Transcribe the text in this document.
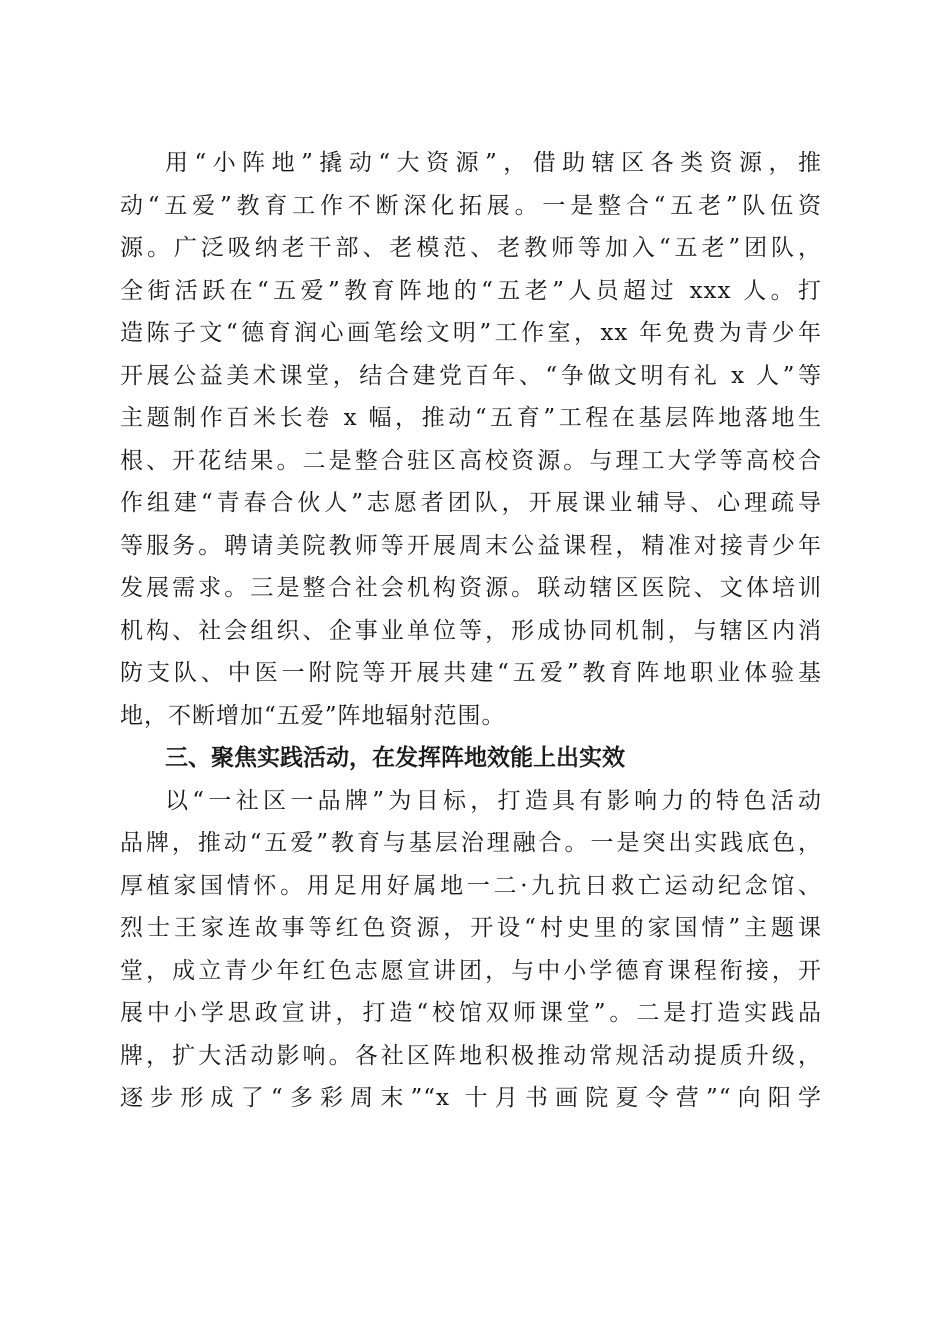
用“小阵地”撬动“大资源”，借助辖区各类资源，推
动“五爱”教育工作不断深化拓展。一是整合“五老”队伍资
源。广泛吸纳老干部、老模范、老教师等加入“五老”团队，
全街活跃在“五爱”教育阵地的“五老”人员超过 xxx 人。打
造陈子文“德育润心画笔绘文明”工作室，xx 年免费为青少年
开展公益美术课堂，结合建党百年、“争做文明有礼 x 人”等
主题制作百米长卷 x 幅，推动“五育”工程在基层阵地落地生
根、开花结果。二是整合驻区高校资源。与理工大学等高校合
作组建“青春合伙人”志愿者团队，开展课业辅导、心理疏导
等服务。聘请美院教师等开展周末公益课程，精准对接青少年
发展需求。三是整合社会机构资源。联动辖区医院、文体培训
机构、社会组织、企事业单位等，形成协同机制，与辖区内消
防支队、中医一附院等开展共建“五爱”教育阵地职业体验基
地，不断增加“五爱”阵地辐射范围。
三、聚焦实践活动，在发挥阵地效能上出实效
以“一社区一品牌”为目标，打造具有影响力的特色活动
品牌，推动“五爱”教育与基层治理融合。一是突出实践底色，
厚植家国情怀。用足用好属地一二·九抗日救亡运动纪念馆、
烈士王家连故事等红色资源，开设“村史里的家国情”主题课
堂，成立青少年红色志愿宣讲团，与中小学德育课程衔接，开
展中小学思政宣讲，打造“校馆双师课堂”。二是打造实践品
牌，扩大活动影响。各社区阵地积极推动常规活动提质升级，
逐步形成了“多彩周末”“x 十月书画院夏令营”“向阳学
